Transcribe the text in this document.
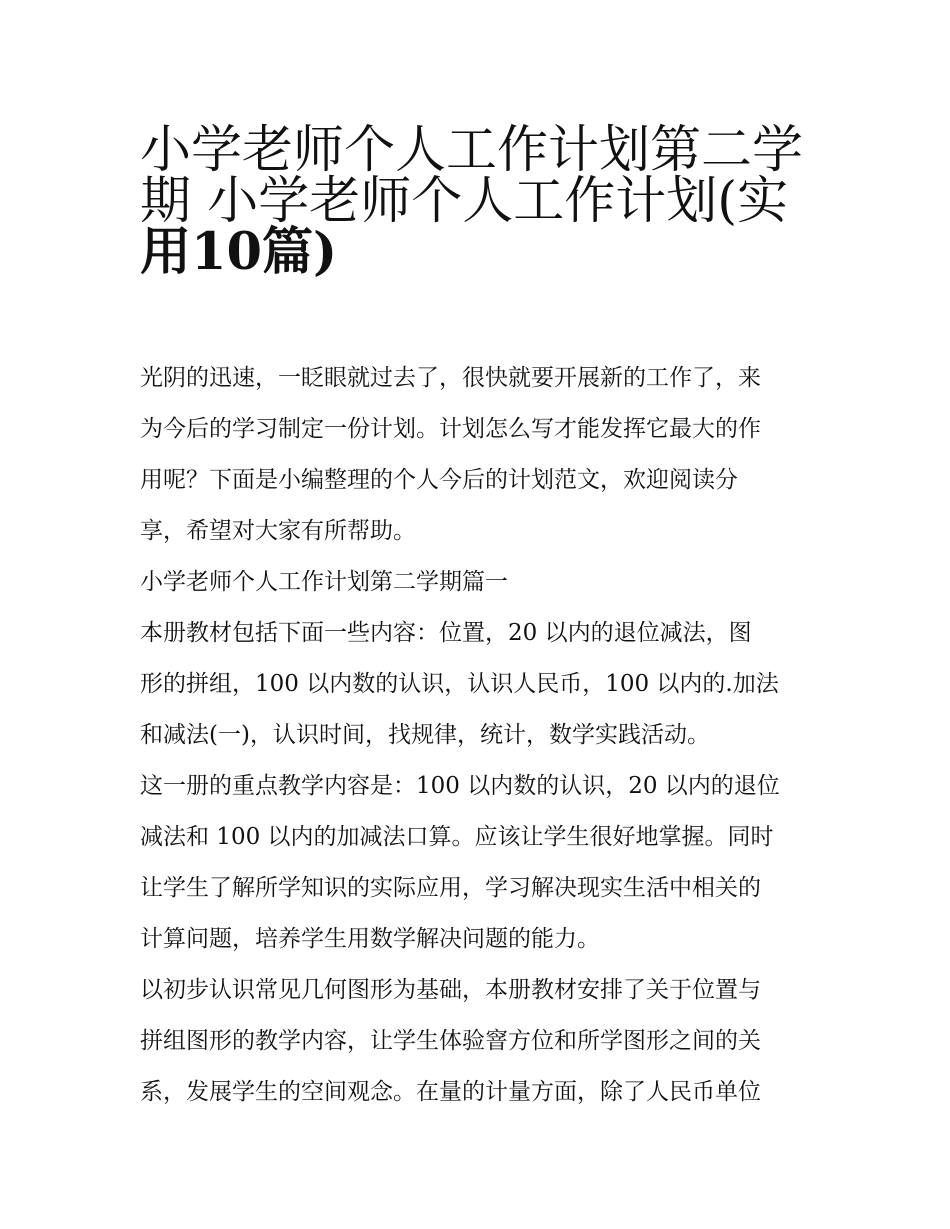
小学老师个人工作计划第二学
期 小学老师个人工作计划(实
用10篇)

光阴的迅速，一眨眼就过去了，很快就要开展新的工作了，来
为今后的学习制定一份计划。计划怎么写才能发挥它最大的作
用呢？下面是小编整理的个人今后的计划范文，欢迎阅读分
享，希望对大家有所帮助。

小学老师个人工作计划第二学期篇一

本册教材包括下面一些内容：位置，20 以内的退位减法，图
形的拼组，100 以内数的认识，认识人民币，100 以内的.加法
和减法(一)，认识时间，找规律，统计，数学实践活动。

这一册的重点教学内容是：100 以内数的认识，20 以内的退位
减法和 100 以内的加减法口算。应该让学生很好地掌握。同时
让学生了解所学知识的实际应用，学习解决现实生活中相关的
计算问题，培养学生用数学解决问题的能力。

以初步认识常见几何图形为基础，本册教材安排了关于位置与
拼组图形的教学内容，让学生体验窨方位和所学图形之间的关
系，发展学生的空间观念。在量的计量方面，除了人民币单位
